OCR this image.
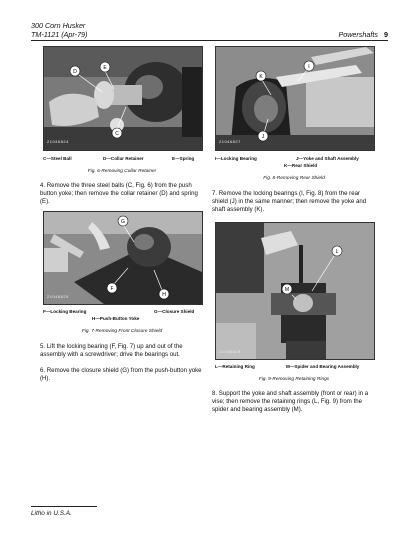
300 Corn Husker
TM-1121 (Apr-79)	Powershafts 9
D
E
C
21046824
C—Steel Ball	D—Collar Retainer	E—Spring
Fig. 6-Removing Collar Retainer

4. Remove the three steel balls (C, Fig. 6) from the push button yoke; then remove the collar retainer (D) and spring (E).

G
F
H
21046825
F—Locking Bearing	G—Closure Shield
H—Push-Button Yoke
Fig. 7-Removing Front Closure Shield

5. Lift the locking bearing (F, Fig. 7) up and out of the assembly with a screwdriver; drive the bearings out.

6. Remove the closure shield (G) from the push-button yoke (H).

K
I
J
21046827
I—Locking Bearing	J—Yoke and Shaft Assembly
K—Rear Shield
Fig. 8-Removing Rear Shield

7. Remove the locking bearings (I, Fig. 8) from the rear shield (J) in the same manner; then remove the yoke and shaft assembly (K).

L
M
21046828
L—Retaining Ring	M—Spider and Bearing Assembly
Fig. 9-Removing Retaining Rings

8. Support the yoke and shaft assembly (front or rear) in a vise; then remove the retaining rings (L, Fig. 9) from the spider and bearing assembly (M).

Litho in U.S.A.
